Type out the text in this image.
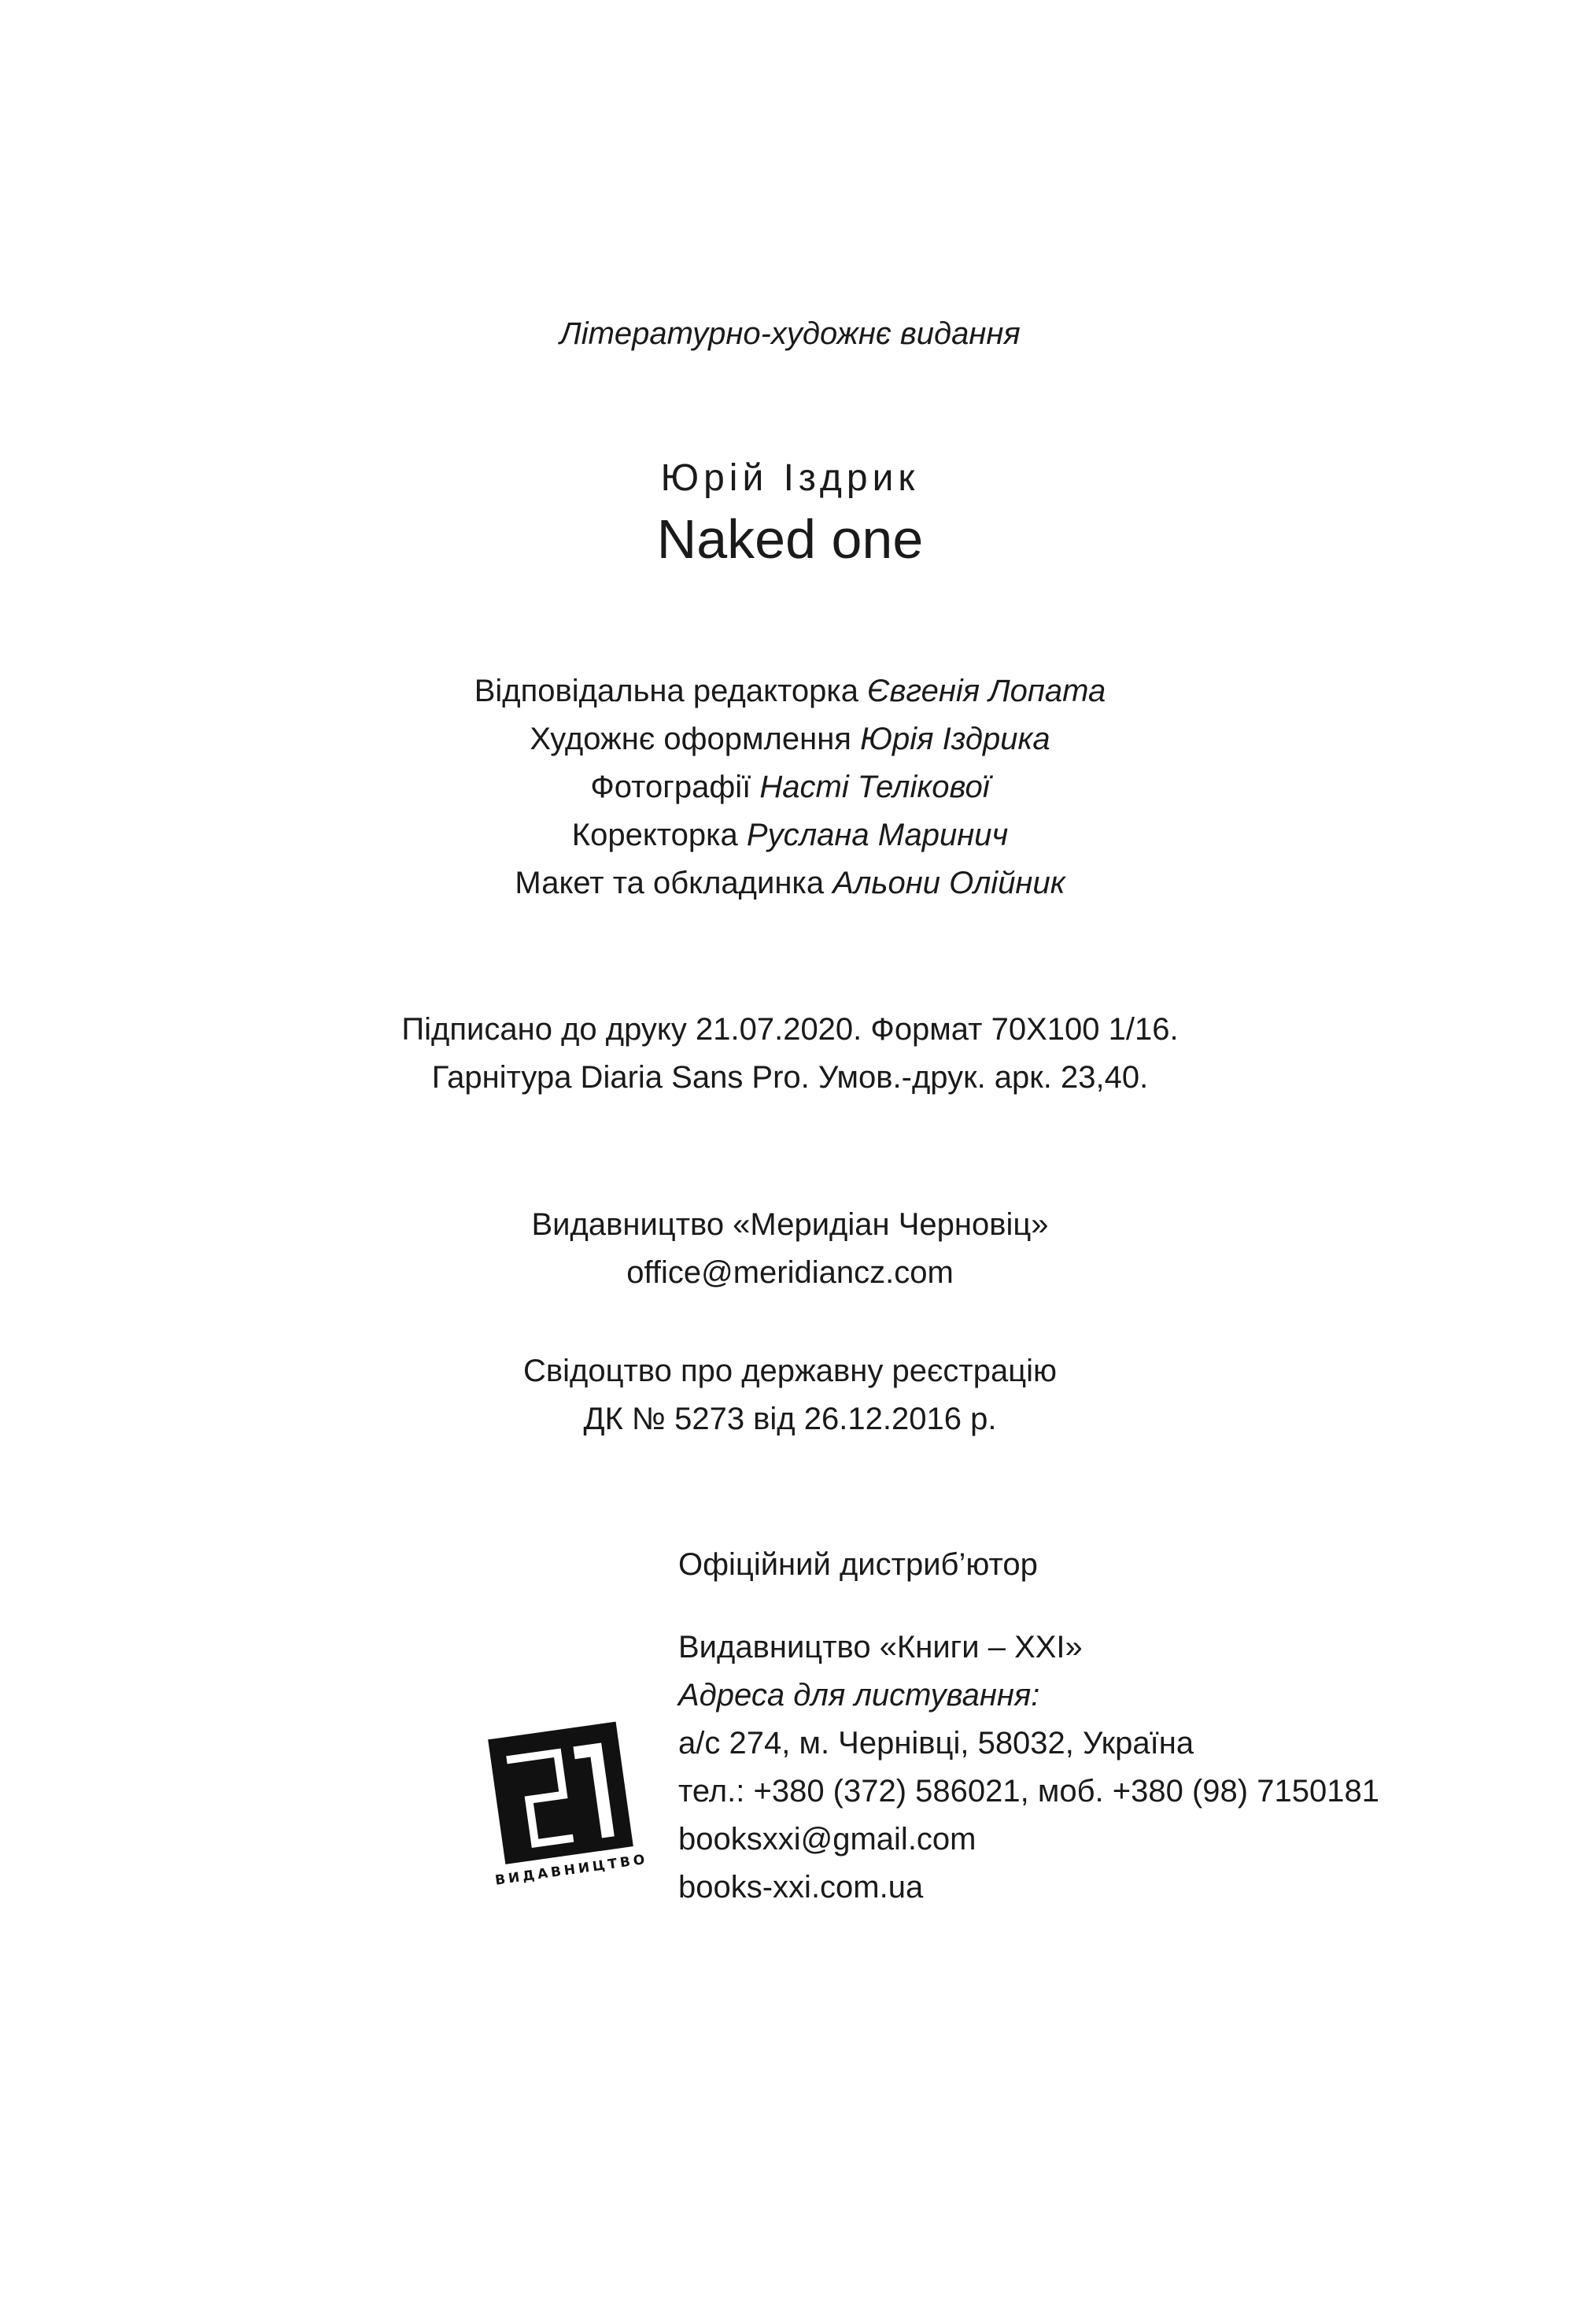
Літературно-художнє видання
Юрій Іздрик
Naked one
Відповідальна редакторка Євгенія Лопата
Художнє оформлення Юрія Іздрика
Фотографії Насті Телікової
Коректорка Руслана Маринич
Макет та обкладинка Альони Олійник
Підписано до друку 21.07.2020. Формат 70Х100 1/16.
Гарнітура Diaria Sans Pro. Умов.-друк. арк. 23,40.
Видавництво «Меридіан Черновіц»
office@meridiancz.com
Свідоцтво про державну реєстрацію
ДК № 5273 від 26.12.2016 р.
Офіційний дистриб’ютор
Видавництво «Книги – ХХІ»
Адреса для листування:
а/с 274, м. Чернівці, 58032, Україна
тел.: +380 (372) 586021, моб. +380 (98) 7150181
booksxxi@gmail.com
books-xxi.com.ua
ВИДАВНИЦТВО
